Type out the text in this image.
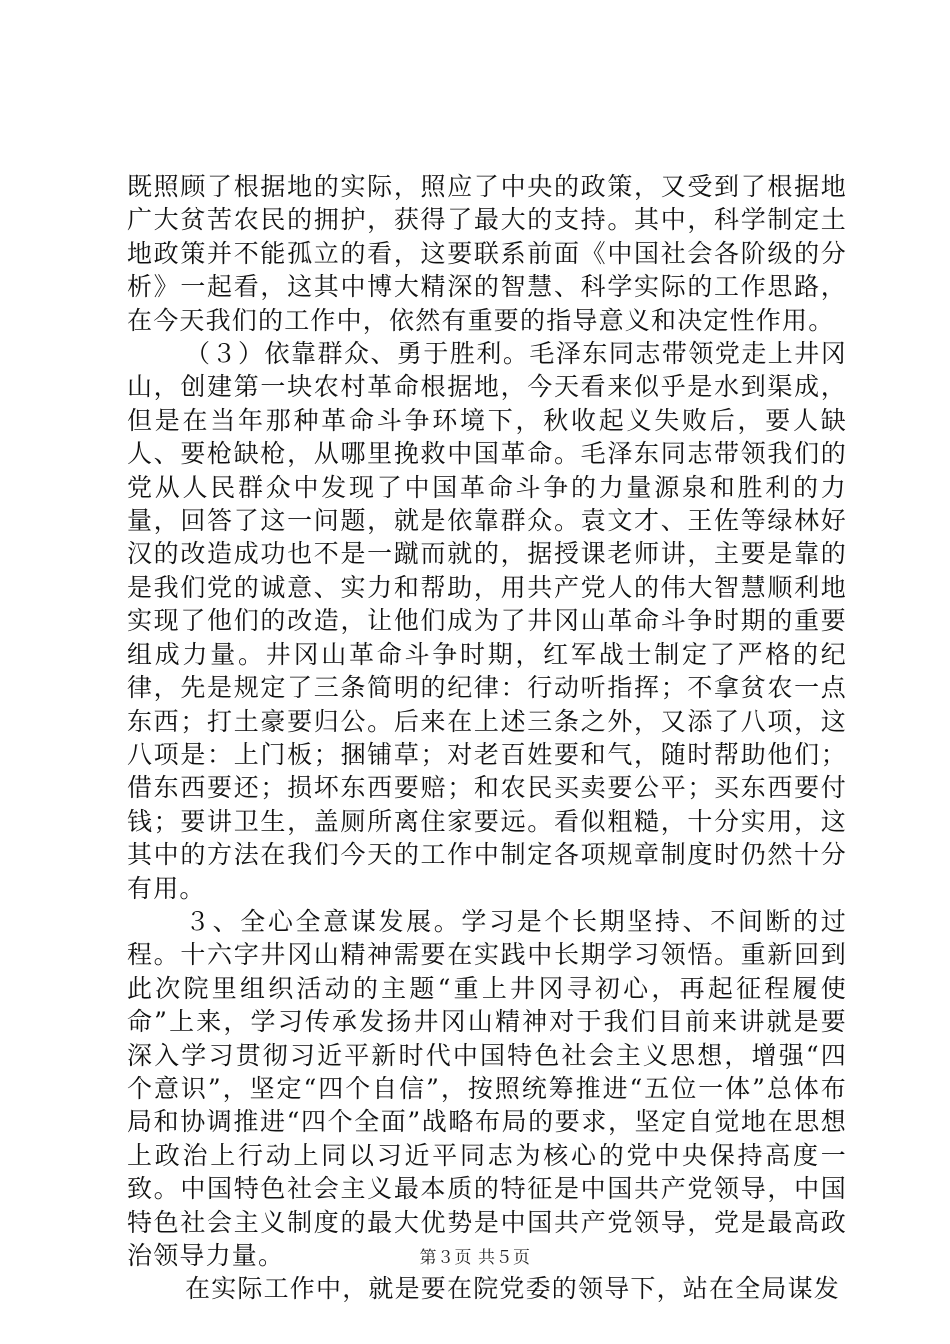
既照顾了根据地的实际，照应了中央的政策，又受到了根据地广大贫苦农民的拥护，获得了最大的支持。其中，科学制定土地政策并不能孤立的看，这要联系前面《中国社会各阶级的分析》一起看，这其中博大精深的智慧、科学实际的工作思路，在今天我们的工作中，依然有重要的指导意义和决定性作用。

（３）依靠群众、勇于胜利。毛泽东同志带领党走上井冈山，创建第一块农村革命根据地，今天看来似乎是水到渠成，但是在当年那种革命斗争环境下，秋收起义失败后，要人缺人、要枪缺枪，从哪里挽救中国革命。毛泽东同志带领我们的党从人民群众中发现了中国革命斗争的力量源泉和胜利的力量，回答了这一问题，就是依靠群众。袁文才、王佐等绿林好汉的改造成功也不是一蹴而就的，据授课老师讲，主要是靠的是我们党的诚意、实力和帮助，用共产党人的伟大智慧顺利地实现了他们的改造，让他们成为了井冈山革命斗争时期的重要组成力量。井冈山革命斗争时期，红军战士制定了严格的纪律，先是规定了三条简明的纪律：行动听指挥；不拿贫农一点东西；打土豪要归公。后来在上述三条之外，又添了八项，这八项是：上门板；捆铺草；对老百姓要和气，随时帮助他们；借东西要还；损坏东西要赔；和农民买卖要公平；买东西要付钱；要讲卫生，盖厕所离住家要远。看似粗糙，十分实用，这其中的方法在我们今天的工作中制定各项规章制度时仍然十分有用。

３、全心全意谋发展。学习是个长期坚持、不间断的过程。十六字井冈山精神需要在实践中长期学习领悟。重新回到此次院里组织活动的主题“重上井冈寻初心，再起征程履使命”上来，学习传承发扬井冈山精神对于我们目前来讲就是要深入学习贯彻习近平新时代中国特色社会主义思想，增强“四个意识”，坚定“四个自信”，按照统筹推进“五位一体”总体布局和协调推进“四个全面”战略布局的要求，坚定自觉地在思想上政治上行动上同以习近平同志为核心的党中央保持高度一致。中国特色社会主义最本质的特征是中国共产党领导，中国特色社会主义制度的最大优势是中国共产党领导，党是最高政治领导力量。

在实际工作中，就是要在院党委的领导下，站在全局谋发

第３页 共５页
